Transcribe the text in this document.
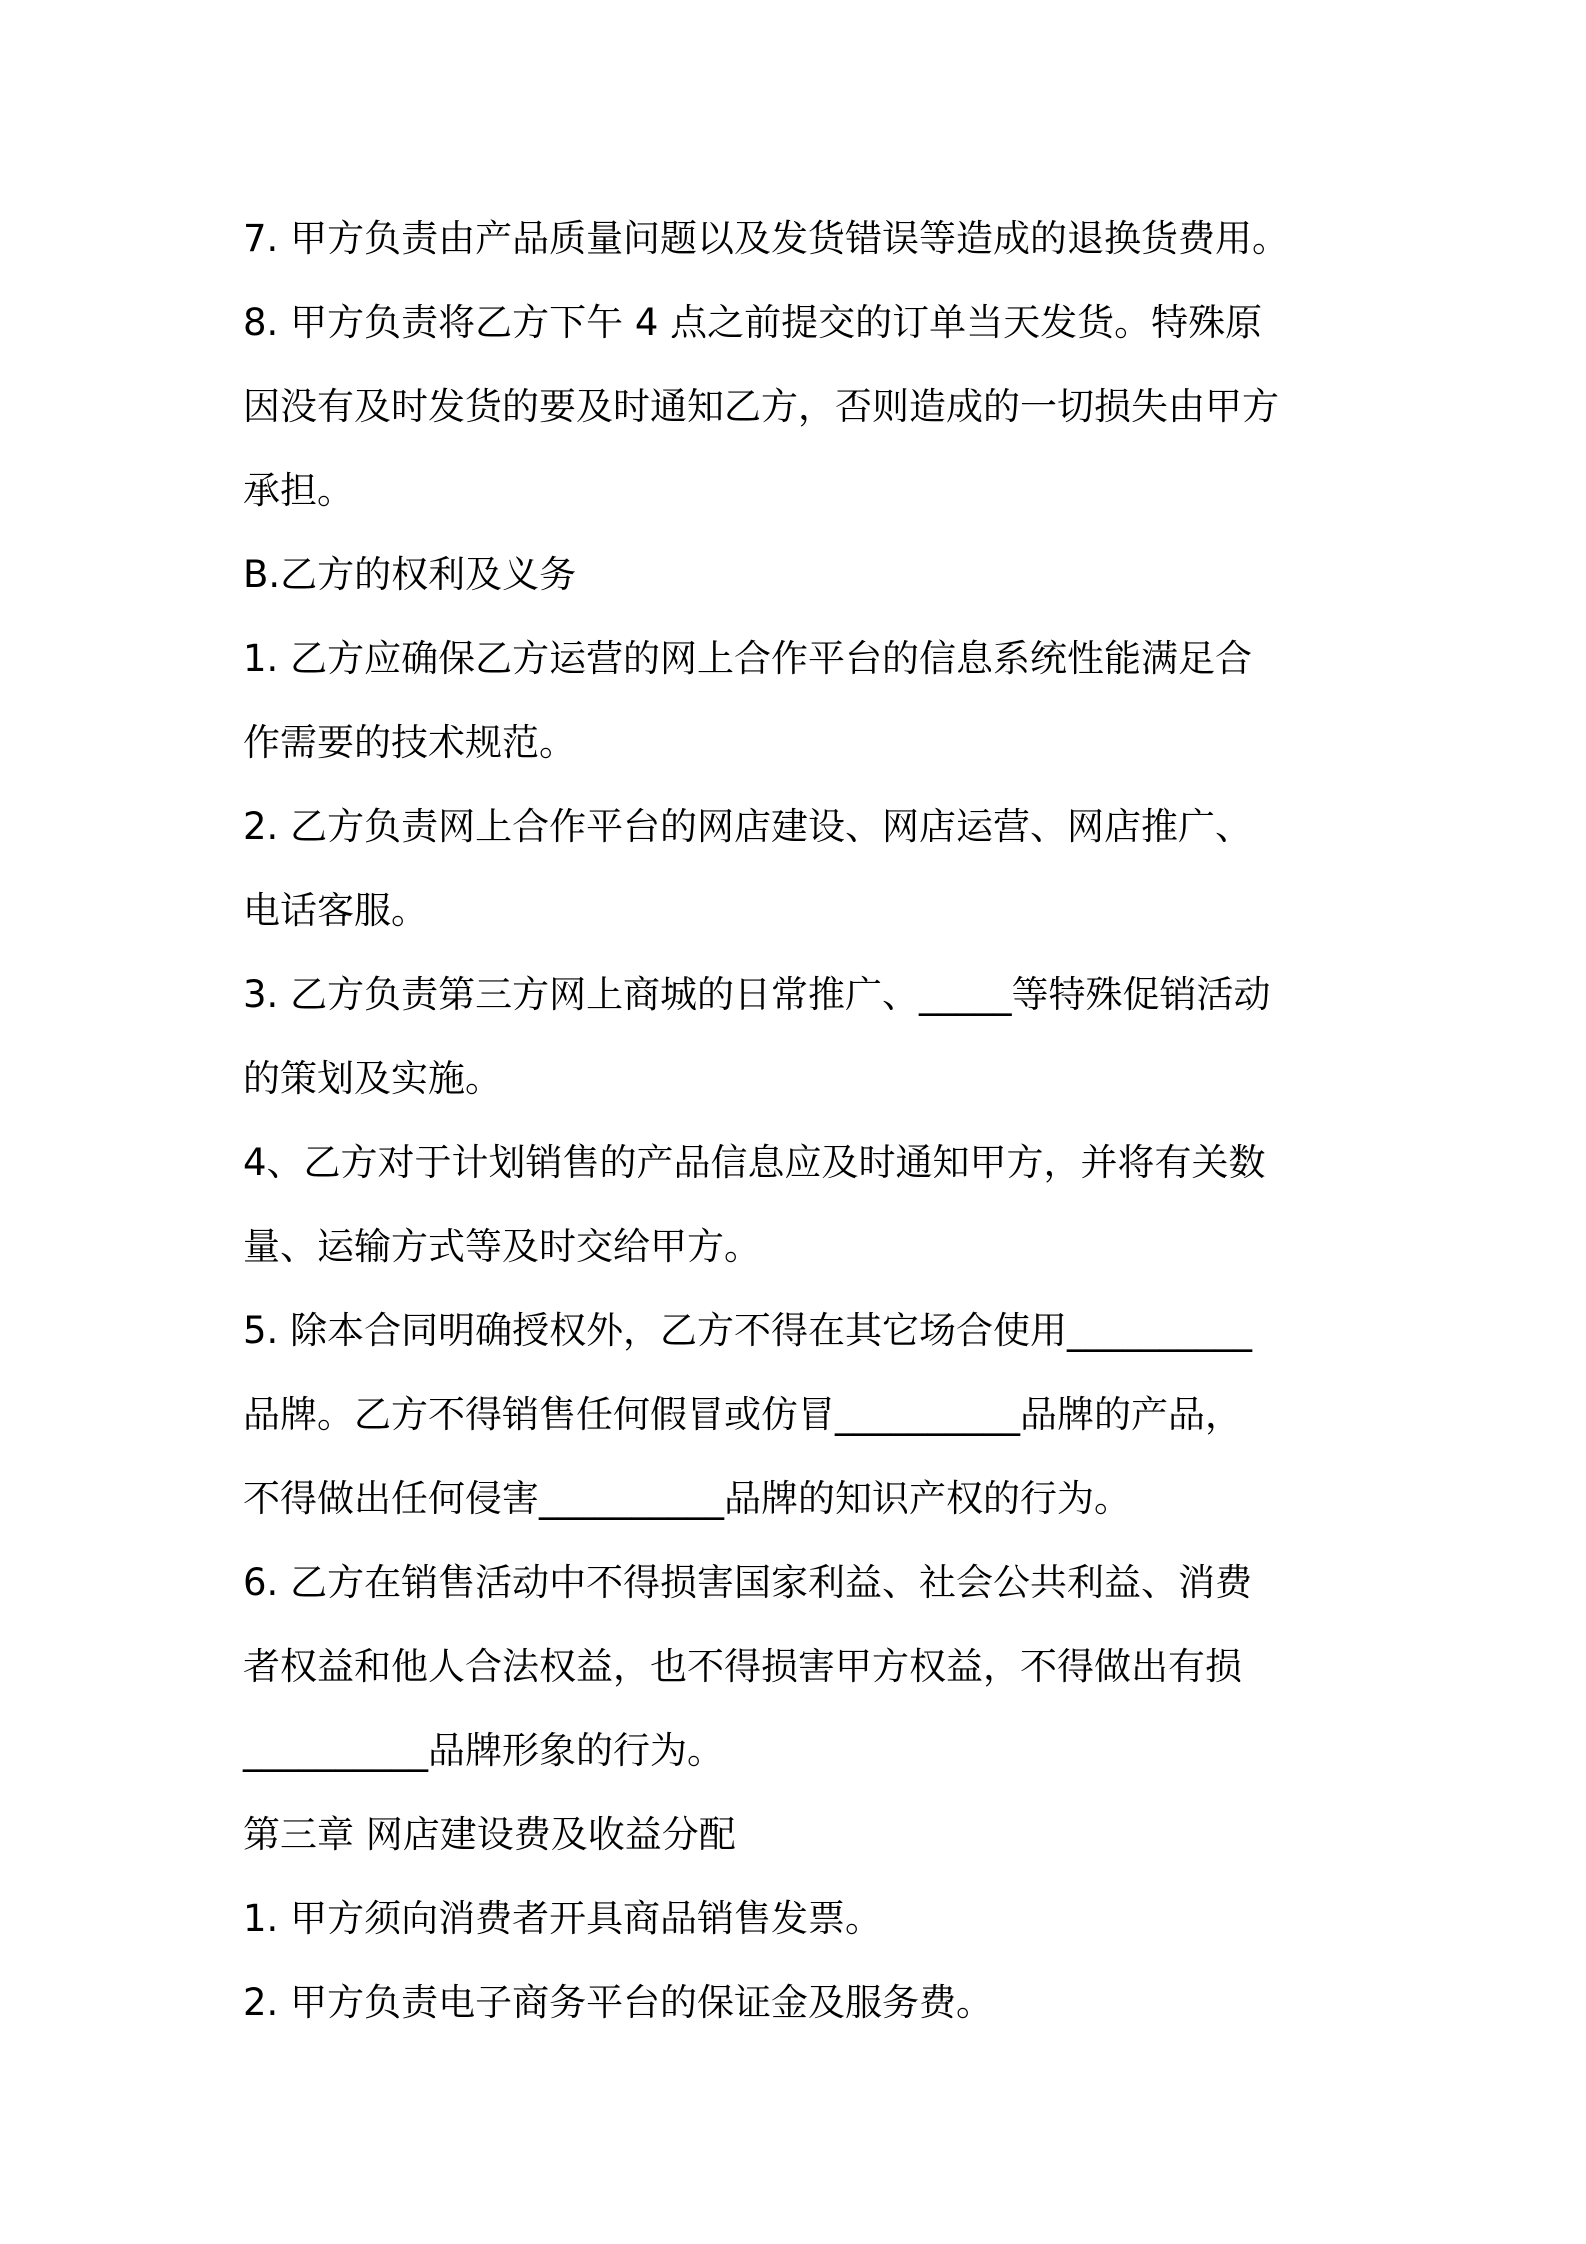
7. 甲方负责由产品质量问题以及发货错误等造成的退换货费用。
8. 甲方负责将乙方下午 4 点之前提交的订单当天发货。特殊原
因没有及时发货的要及时通知乙方，否则造成的一切损失由甲方
承担。
B.乙方的权利及义务
1. 乙方应确保乙方运营的网上合作平台的信息系统性能满足合
作需要的技术规范。
2. 乙方负责网上合作平台的网店建设、网店运营、网店推广、
电话客服。
3. 乙方负责第三方网上商城的日常推广、_____等特殊促销活动
的策划及实施。
4、乙方对于计划销售的产品信息应及时通知甲方，并将有关数
量、运输方式等及时交给甲方。
5. 除本合同明确授权外，乙方不得在其它场合使用__________
品牌。乙方不得销售任何假冒或仿冒__________品牌的产品，
不得做出任何侵害__________品牌的知识产权的行为。
6. 乙方在销售活动中不得损害国家利益、社会公共利益、消费
者权益和他人合法权益，也不得损害甲方权益，不得做出有损
__________品牌形象的行为。
第三章 网店建设费及收益分配
1. 甲方须向消费者开具商品销售发票。
2. 甲方负责电子商务平台的保证金及服务费。
